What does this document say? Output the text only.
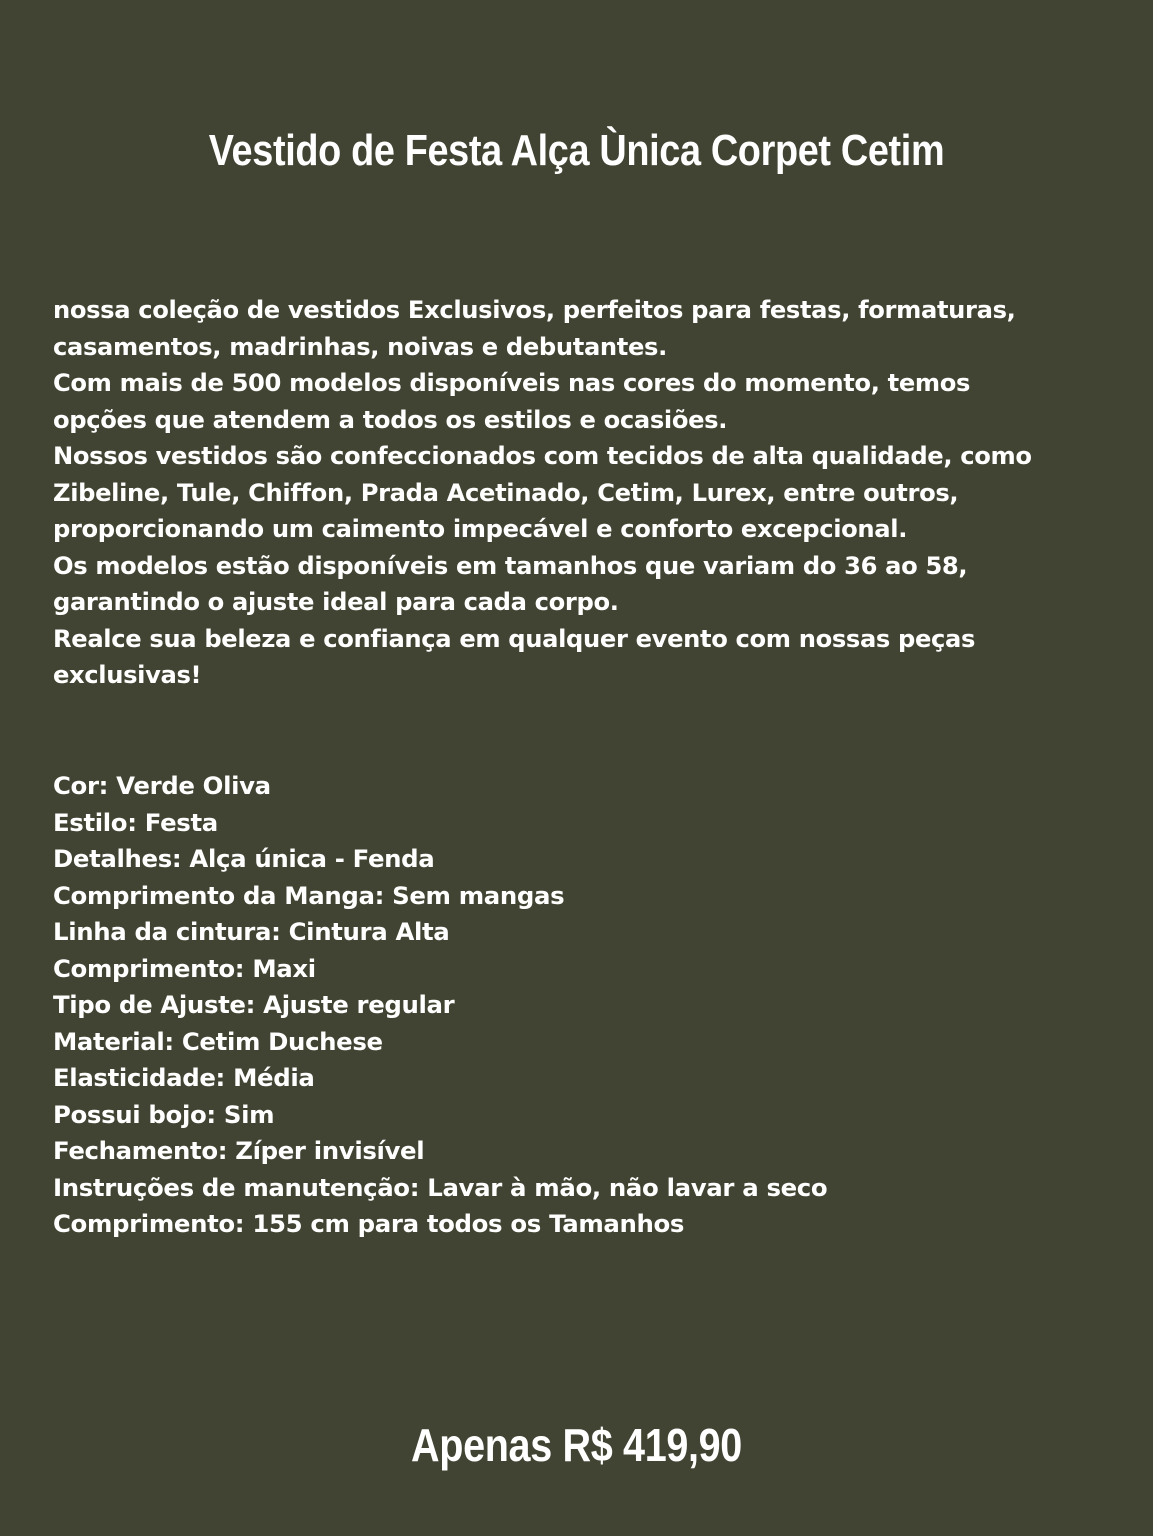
Vestido de Festa Alça Ùnica Corpet Cetim

nossa coleção de vestidos Exclusivos, perfeitos para festas, formaturas, casamentos, madrinhas, noivas e debutantes.

Com mais de 500 modelos disponíveis nas cores do momento, temos opções que atendem a todos os estilos e ocasiões.

Nossos vestidos são confeccionados com tecidos de alta qualidade, como Zibeline, Tule, Chiffon, Prada Acetinado, Cetim, Lurex, entre outros, proporcionando um caimento impecável e conforto excepcional.

Os modelos estão disponíveis em tamanhos que variam do 36 ao 58, garantindo o ajuste ideal para cada corpo.

Realce sua beleza e confiança em qualquer evento com nossas peças exclusivas!

Cor: Verde Oliva

Estilo: Festa

Detalhes: Alça única - Fenda

Comprimento da Manga: Sem mangas

Linha da cintura: Cintura Alta

Comprimento: Maxi

Tipo de Ajuste: Ajuste regular

Material: Cetim Duchese

Elasticidade: Média

Possui bojo: Sim

Fechamento: Zíper invisível

Instruções de manutenção: Lavar à mão, não lavar a seco

Comprimento: 155 cm para todos os Tamanhos

Apenas R$ 419,90
